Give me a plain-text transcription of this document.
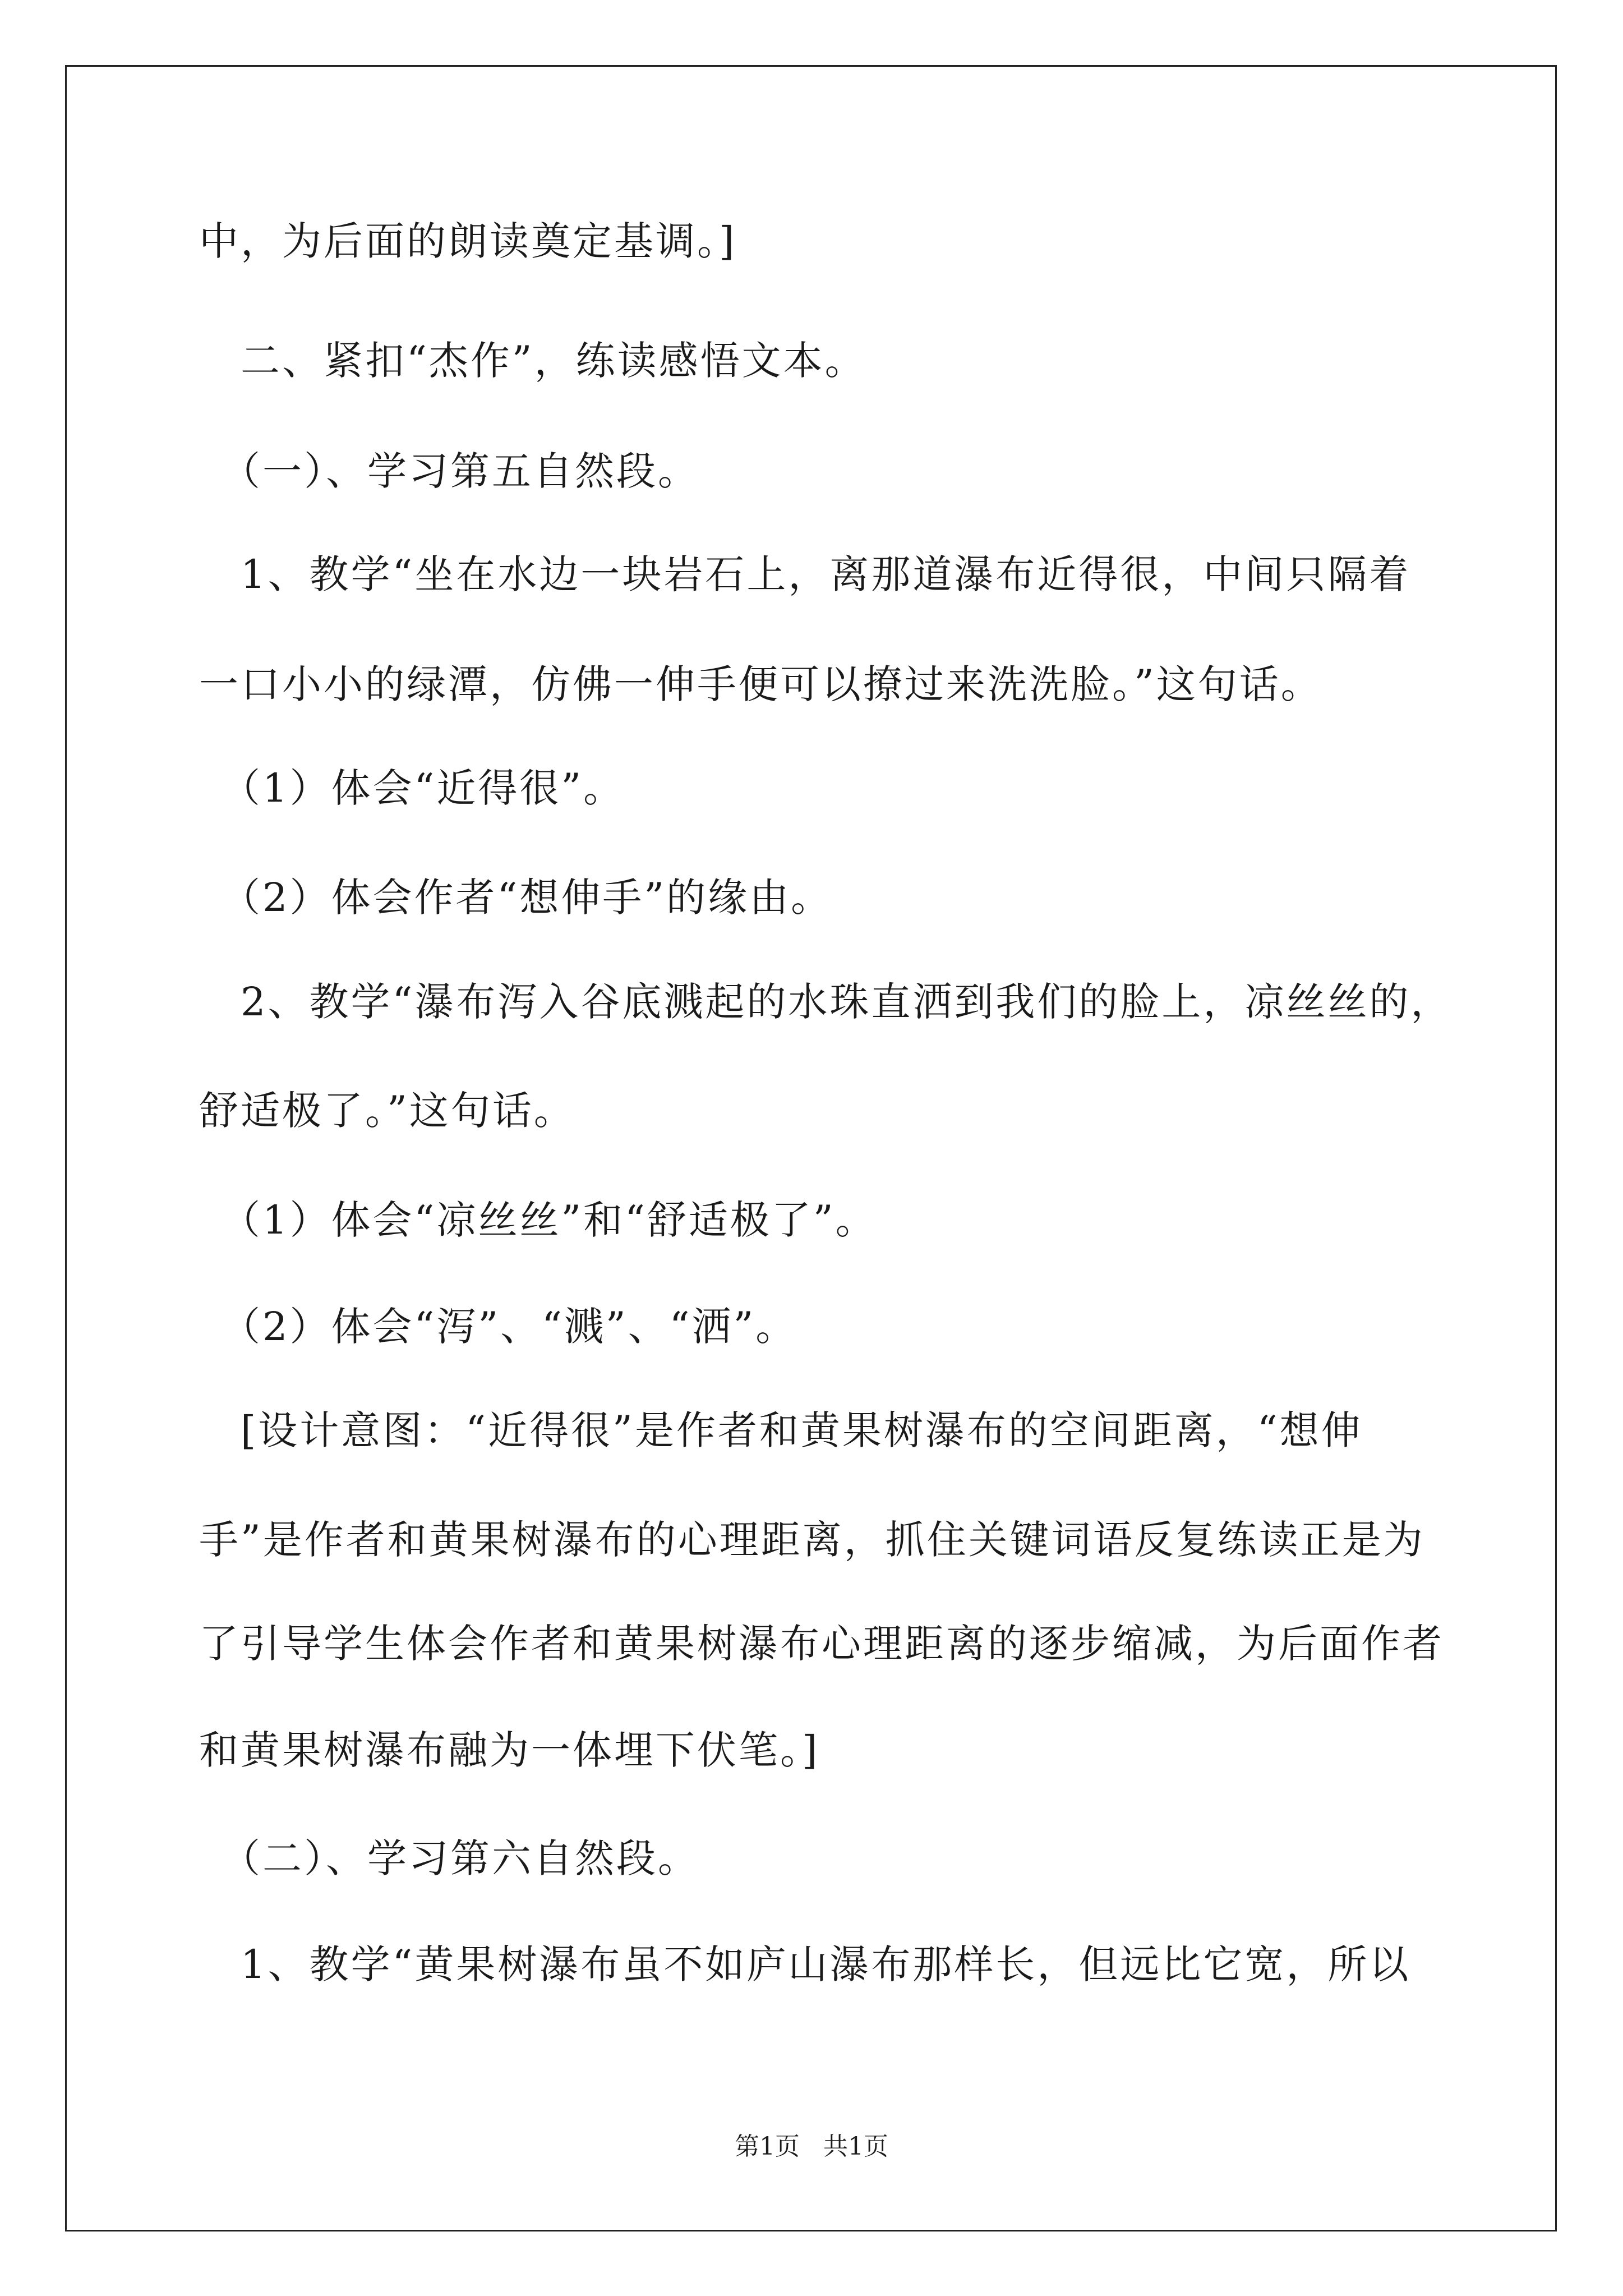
中，为后面的朗读奠定基调。]
　二、紧扣“杰作”，练读感悟文本。
　（一）、学习第五自然段。
　1、教学“坐在水边一块岩石上，离那道瀑布近得很，中间只隔着
一口小小的绿潭，仿佛一伸手便可以撩过来洗洗脸。”这句话。
　（1）体会“近得很”。
　（2）体会作者“想伸手”的缘由。
　2、教学“瀑布泻入谷底溅起的水珠直洒到我们的脸上，凉丝丝的，
舒适极了。”这句话。
　（1）体会“凉丝丝”和“舒适极了”。
　（2）体会“泻”、“溅”、“洒”。
　[设计意图：“近得很”是作者和黄果树瀑布的空间距离，“想伸
手”是作者和黄果树瀑布的心理距离，抓住关键词语反复练读正是为
了引导学生体会作者和黄果树瀑布心理距离的逐步缩减，为后面作者
和黄果树瀑布融为一体埋下伏笔。]
　（二）、学习第六自然段。
　1、教学“黄果树瀑布虽不如庐山瀑布那样长，但远比它宽，所以
第1页 共1页
